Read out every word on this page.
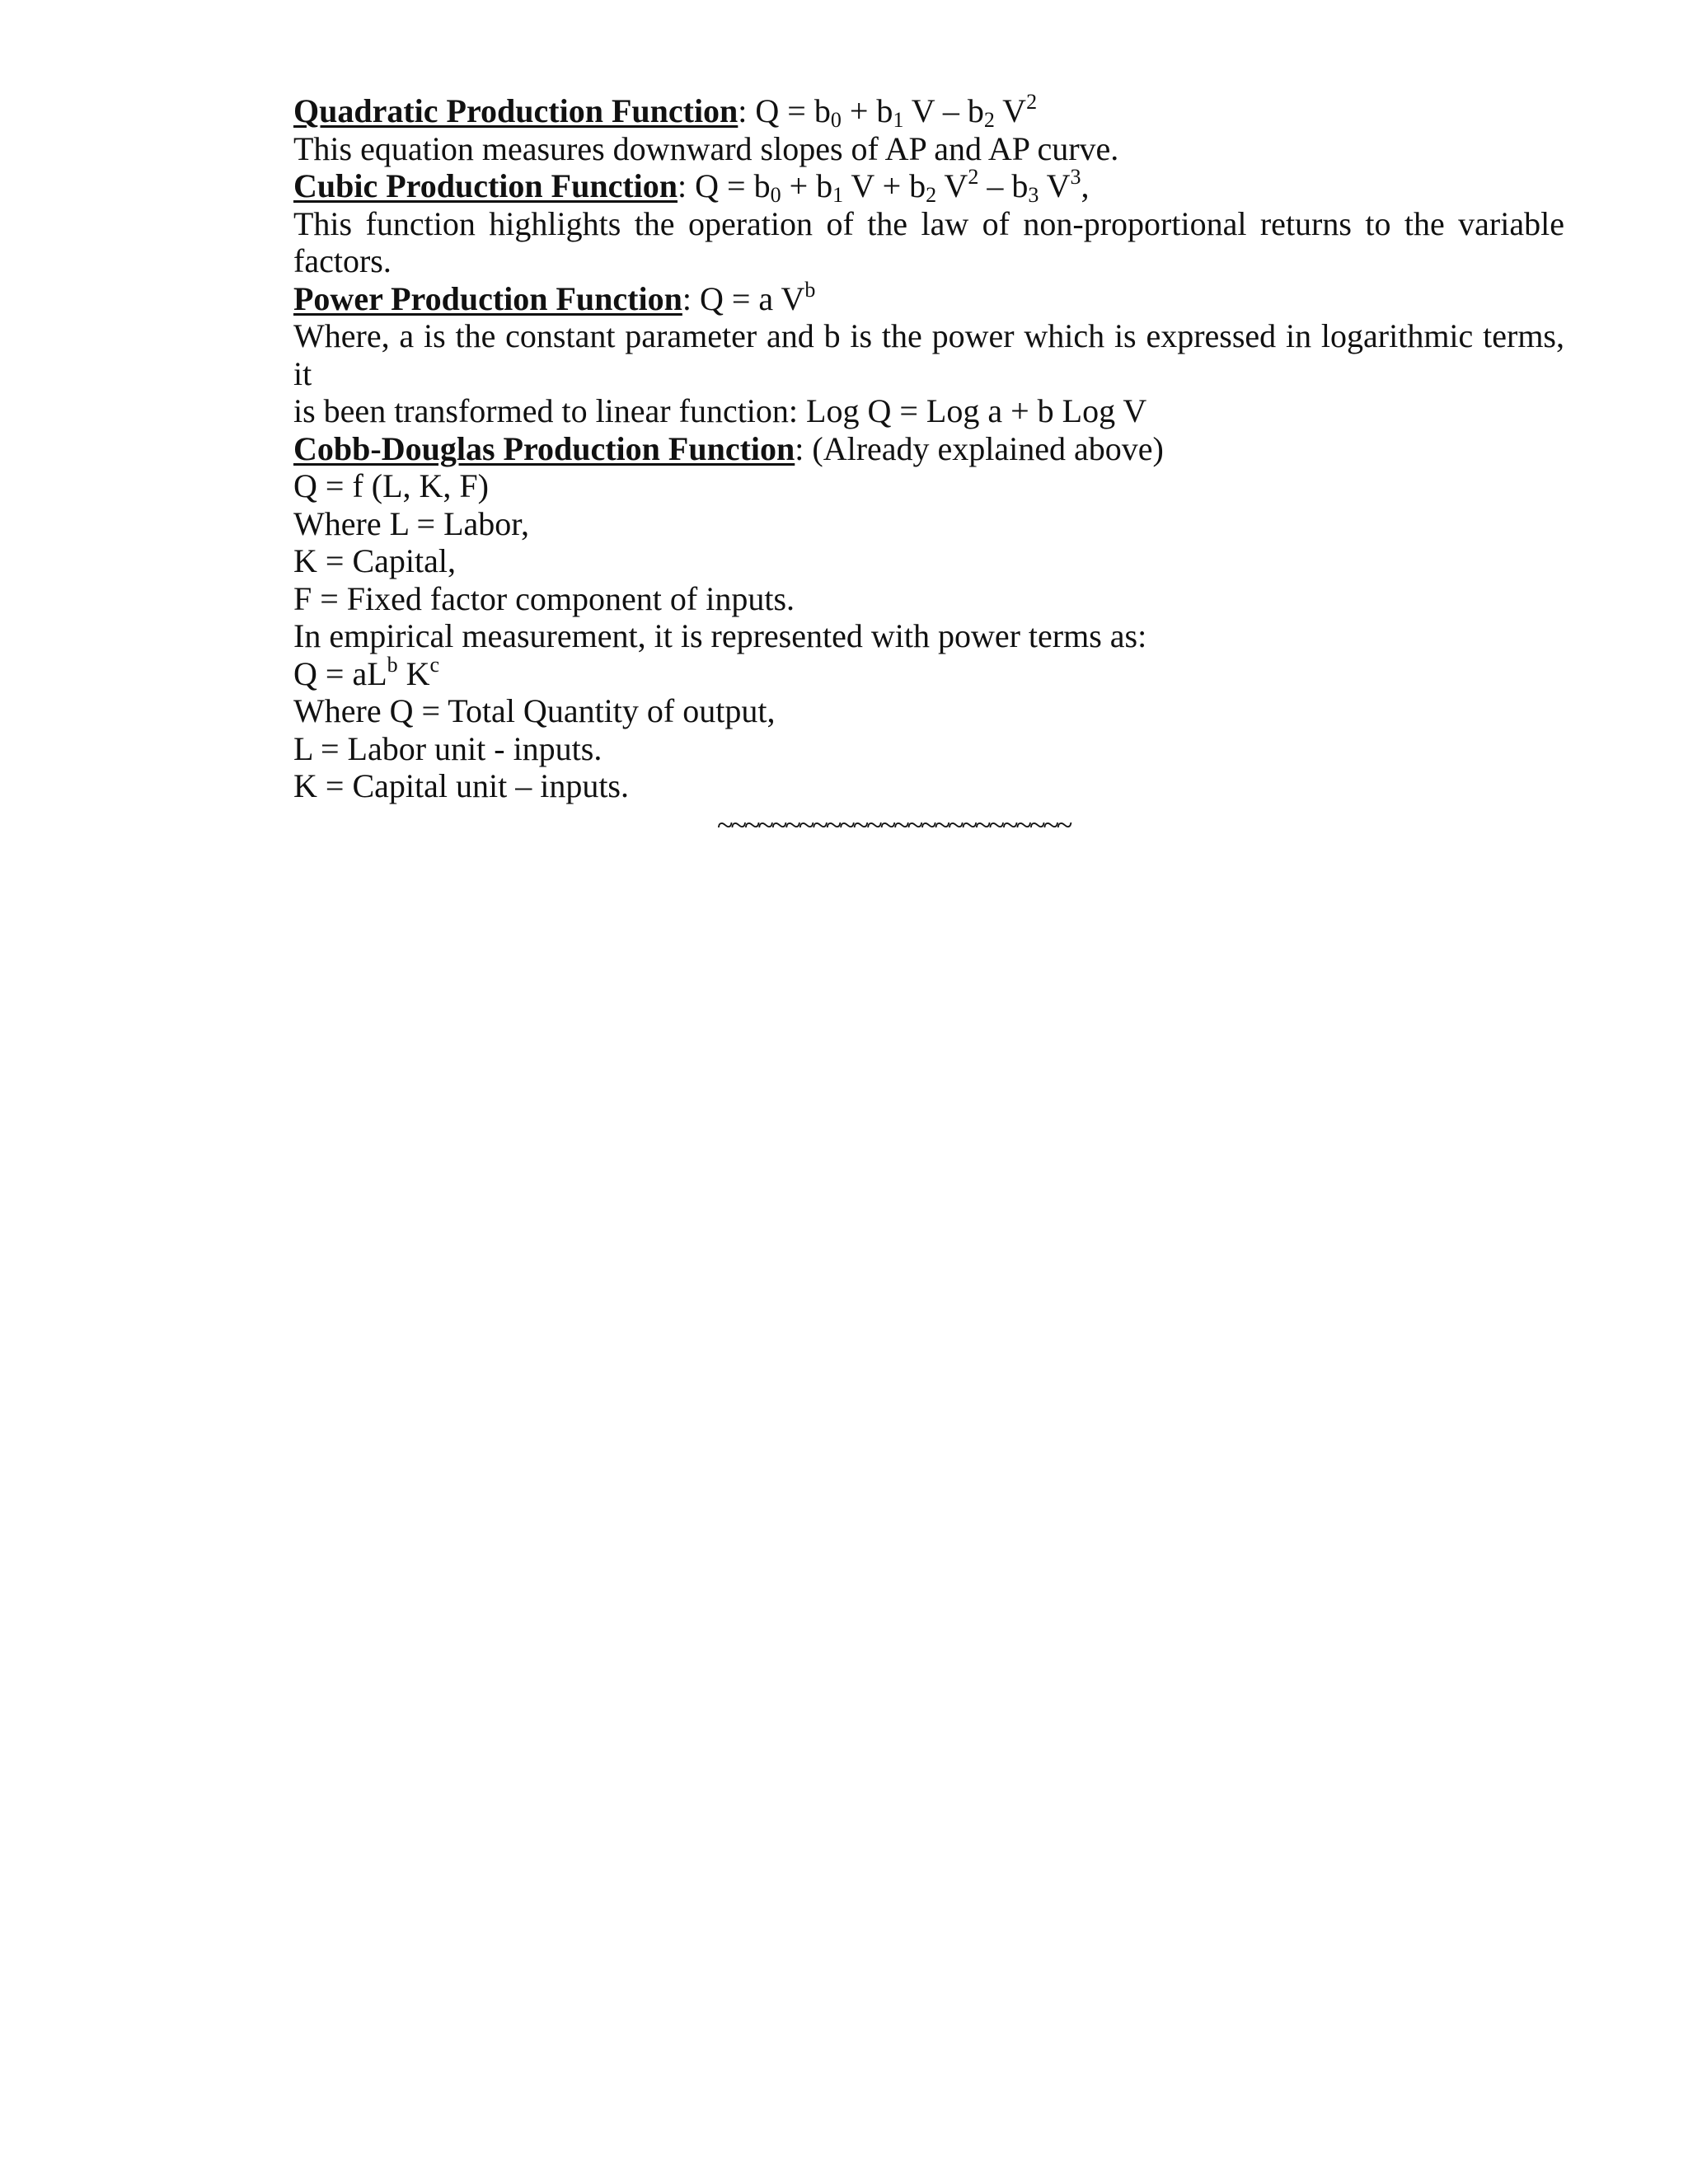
Quadratic Production Function: $Q = b_0 + b_1$ V – $b_2$ $V^2$

This equation measures downward slopes of AP and AP curve.

Cubic Production Function: $Q = b_0 + b_1$ $V + b_2$ $V^2 - b_3$ $V^3$,

This function highlights the operation of the law of non-proportional returns to the variable

factors.

Power Production Function: Q = a $V^b$

Where, a is the constant parameter and b is the power which is expressed in logarithmic terms, it

is been transformed to linear function: Log Q = Log a + b Log V

Cobb-Douglas Production Function: (Already explained above)

Q = f (L, K, F)

Where L = Labor,

K = Capital,

F = Fixed factor component of inputs.

In empirical measurement, it is represented with power terms as:

$Q = aL^b$ $K^c$

Where Q = Total Quantity of output,

L = Labor unit - inputs.

K = Capital unit – inputs.

~~~~~~~~~~~~~~~~~~~~~~~~~~
